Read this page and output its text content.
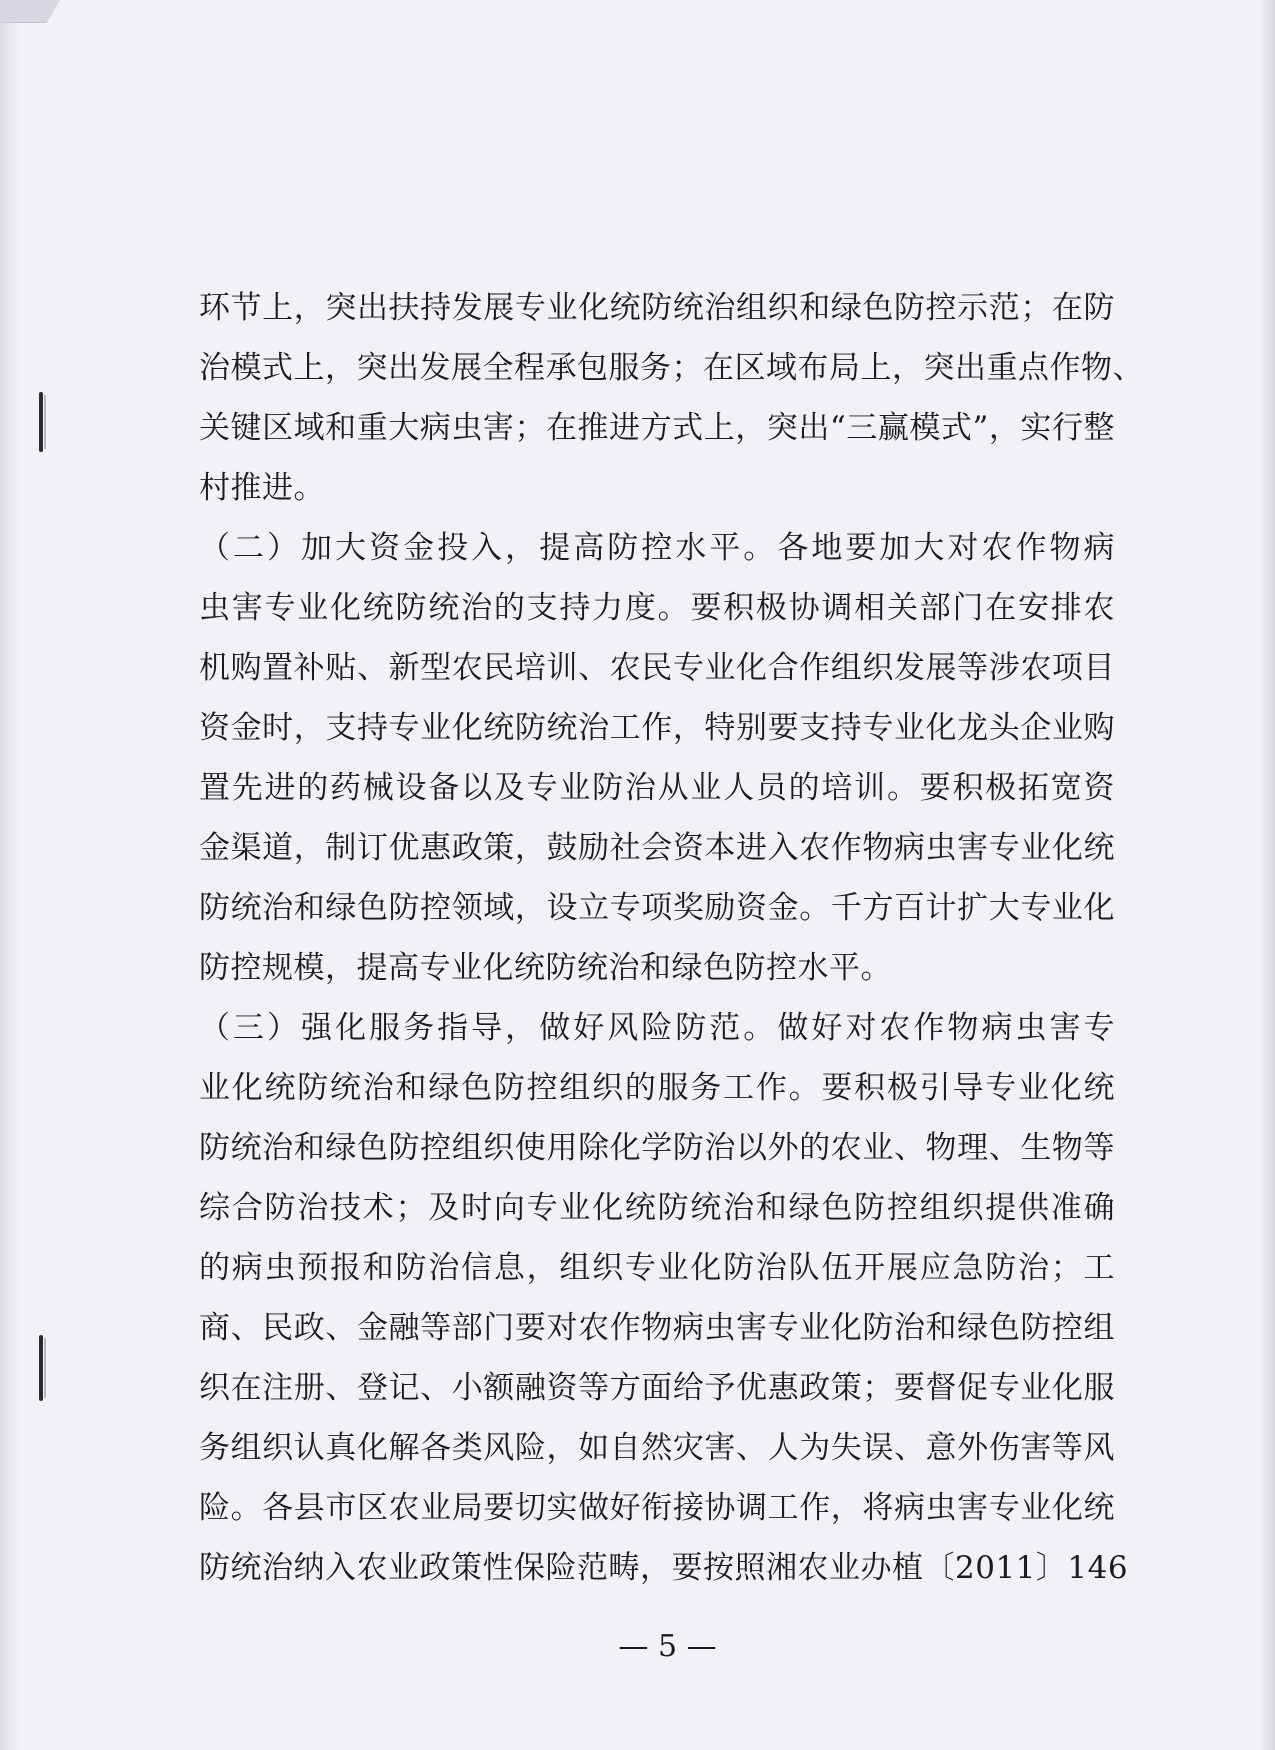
环节上，突出扶持发展专业化统防统治组织和绿色防控示范；在防
治模式上，突出发展全程承包服务；在区域布局上，突出重点作物、
关键区域和重大病虫害；在推进方式上，突出“三赢模式”，实行整
村推进。
（二）加大资金投入，提高防控水平。各地要加大对农作物病
虫害专业化统防统治的支持力度。要积极协调相关部门在安排农
机购置补贴、新型农民培训、农民专业化合作组织发展等涉农项目
资金时，支持专业化统防统治工作，特别要支持专业化龙头企业购
置先进的药械设备以及专业防治从业人员的培训。要积极拓宽资
金渠道，制订优惠政策，鼓励社会资本进入农作物病虫害专业化统
防统治和绿色防控领域，设立专项奖励资金。千方百计扩大专业化
防控规模，提高专业化统防统治和绿色防控水平。
（三）强化服务指导，做好风险防范。做好对农作物病虫害专
业化统防统治和绿色防控组织的服务工作。要积极引导专业化统
防统治和绿色防控组织使用除化学防治以外的农业、物理、生物等
综合防治技术；及时向专业化统防统治和绿色防控组织提供准确
的病虫预报和防治信息，组织专业化防治队伍开展应急防治；工
商、民政、金融等部门要对农作物病虫害专业化防治和绿色防控组
织在注册、登记、小额融资等方面给予优惠政策；要督促专业化服
务组织认真化解各类风险，如自然灾害、人为失误、意外伤害等风
险。各县市区农业局要切实做好衔接协调工作，将病虫害专业化统
防统治纳入农业政策性保险范畴，要按照湘农业办植〔2011〕146
— 5 —
